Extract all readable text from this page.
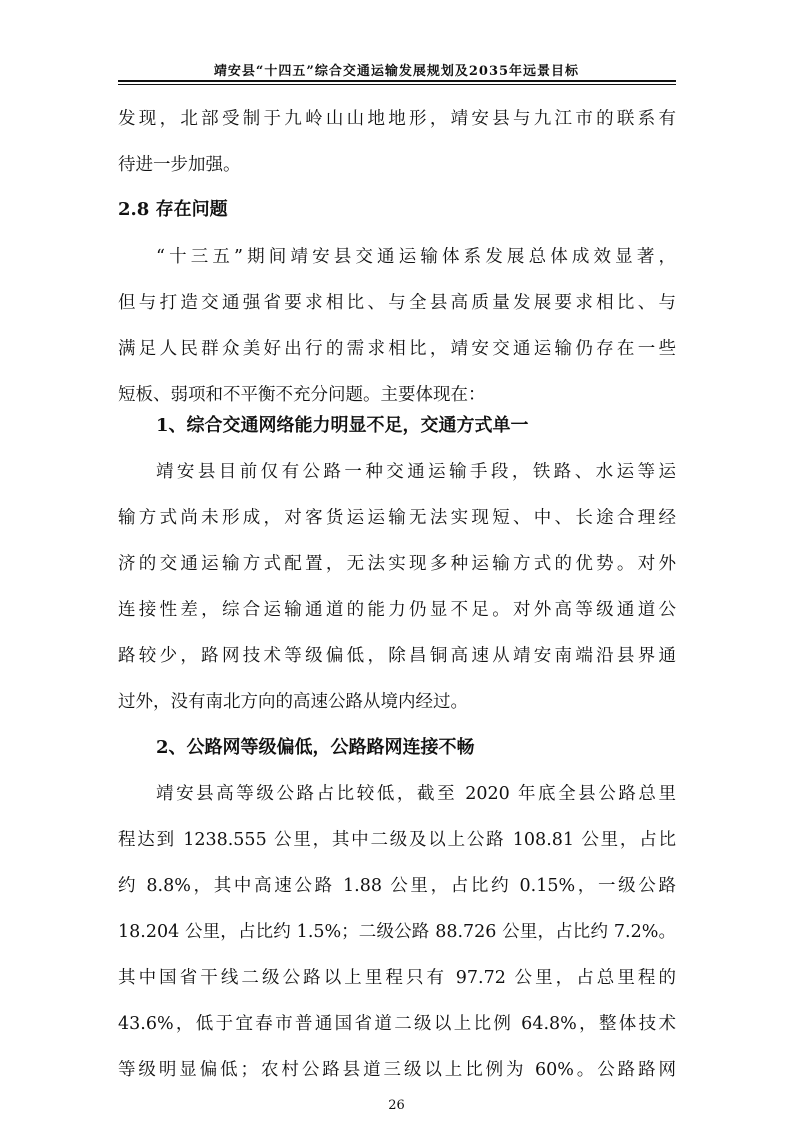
靖安县“十四五”综合交通运输发展规划及2035年远景目标
发现，北部受制于九岭山山地地形，靖安县与九江市的联系有
待进一步加强。
2.8 存在问题
“十三五”期间靖安县交通运输体系发展总体成效显著，
但与打造交通强省要求相比、与全县高质量发展要求相比、与
满足人民群众美好出行的需求相比，靖安交通运输仍存在一些
短板、弱项和不平衡不充分问题。主要体现在：
1、综合交通网络能力明显不足，交通方式单一
靖安县目前仅有公路一种交通运输手段，铁路、水运等运
输方式尚未形成，对客货运运输无法实现短、中、长途合理经
济的交通运输方式配置，无法实现多种运输方式的优势。对外
连接性差，综合运输通道的能力仍显不足。对外高等级通道公
路较少，路网技术等级偏低，除昌铜高速从靖安南端沿县界通
过外，没有南北方向的高速公路从境内经过。
2、公路网等级偏低，公路路网连接不畅
靖安县高等级公路占比较低，截至 2020 年底全县公路总里
程达到 1238.555 公里，其中二级及以上公路 108.81 公里，占比
约 8.8%，其中高速公路 1.88 公里，占比约 0.15%，一级公路
18.204 公里，占比约 1.5%；二级公路 88.726 公里，占比约 7.2%。
其中国省干线二级公路以上里程只有 97.72 公里，占总里程的
43.6%，低于宜春市普通国省道二级以上比例 64.8%，整体技术
等级明显偏低；农村公路县道三级以上比例为 60%。公路路网
26
